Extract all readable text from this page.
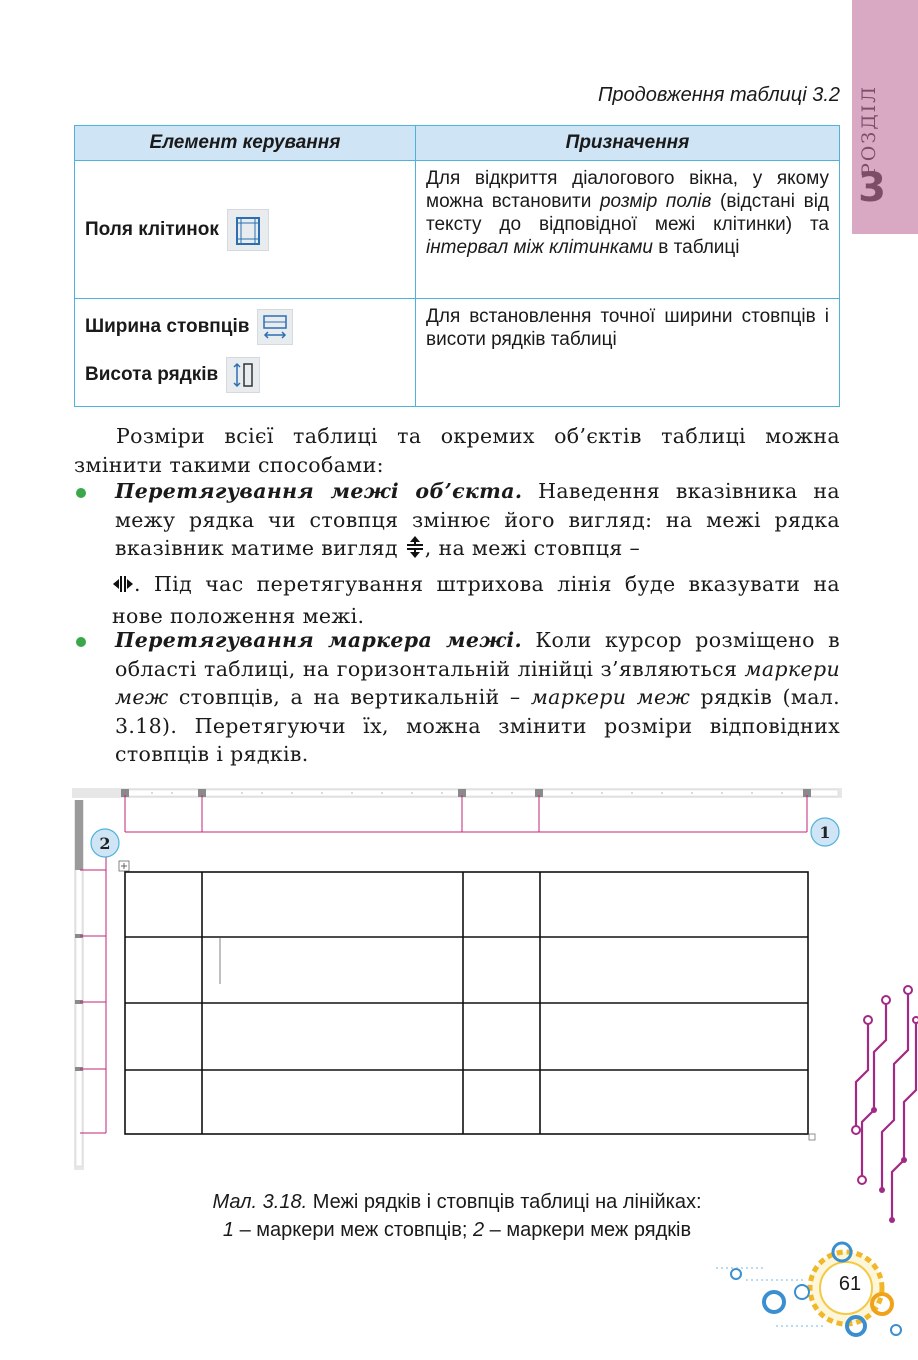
РОЗДІЛ
3
Продовження таблиці 3.2
Елемент керування	Призначення

Поля клітинок	Для відкриття діалогового вікна, у якому можна встановити розмір полів (відстані від тексту до відповідної межі клітинки) та інтервал між клітинками в таблиці

Ширина стовпців
Висота рядків	Для встановлення точної ширини стовпців і висоти рядків таблиці
Розміри всієї таблиці та окремих об’єктів таблиці можна змінити такими способами:
Перетягування межі об’єкта. Наведення вказівника на межу рядка чи стовпця змінює його вигляд: на межі рядка вказівник матиме вигляд , на межі стовпця –
. Під час перетягування штрихова лінія буде вказувати на нове положення межі.
Перетягування маркера межі. Коли курсор розміщено в області таблиці, на горизонтальній лінійці з’являються маркери меж стовпців, а на вертикальній – маркери меж рядків (мал. 3.18). Перетягуючи їх, можна змінити розміри відповідних стовпців і рядків.
1
2
Мал. 3.18. Межі рядків і стовпців таблиці на лінійках:
1 – маркери меж стовпців; 2 – маркери меж рядків
61
